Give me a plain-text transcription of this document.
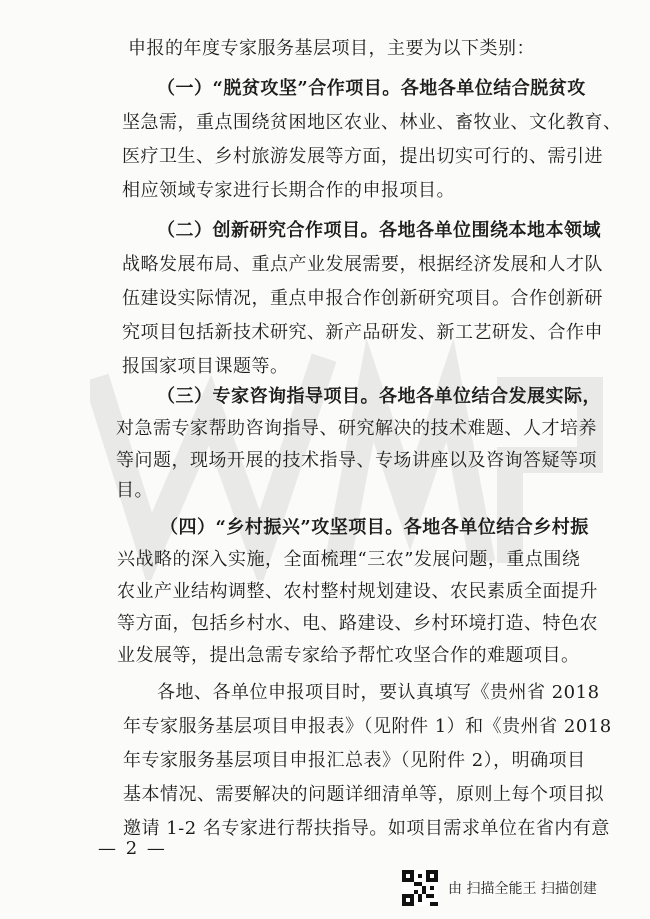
申报的年度专家服务基层项目，主要为以下类别：
（一）“脱贫攻坚”合作项目。各地各单位结合脱贫攻
坚急需，重点围绕贫困地区农业、林业、畜牧业、文化教育、
医疗卫生、乡村旅游发展等方面，提出切实可行的、需引进
相应领域专家进行长期合作的申报项目。
（二）创新研究合作项目。各地各单位围绕本地本领域
战略发展布局、重点产业发展需要，根据经济发展和人才队
伍建设实际情况，重点申报合作创新研究项目。合作创新研
究项目包括新技术研究、新产品研发、新工艺研发、合作申
报国家项目课题等。
（三）专家咨询指导项目。各地各单位结合发展实际，
对急需专家帮助咨询指导、研究解决的技术难题、人才培养
等问题，现场开展的技术指导、专场讲座以及咨询答疑等项
目。
（四）“乡村振兴”攻坚项目。各地各单位结合乡村振
兴战略的深入实施，全面梳理“三农”发展问题，重点围绕
农业产业结构调整、农村整村规划建设、农民素质全面提升
等方面，包括乡村水、电、路建设、乡村环境打造、特色农
业发展等，提出急需专家给予帮忙攻坚合作的难题项目。
各地、各单位申报项目时，要认真填写《贵州省 2018
年专家服务基层项目申报表》（见附件 1）和《贵州省 2018
年专家服务基层项目申报汇总表》（见附件 2），明确项目
基本情况、需要解决的问题详细清单等，原则上每个项目拟
邀请 1-2 名专家进行帮扶指导。如项目需求单位在省内有意
— 2 —
由 扫描全能王 扫描创建
